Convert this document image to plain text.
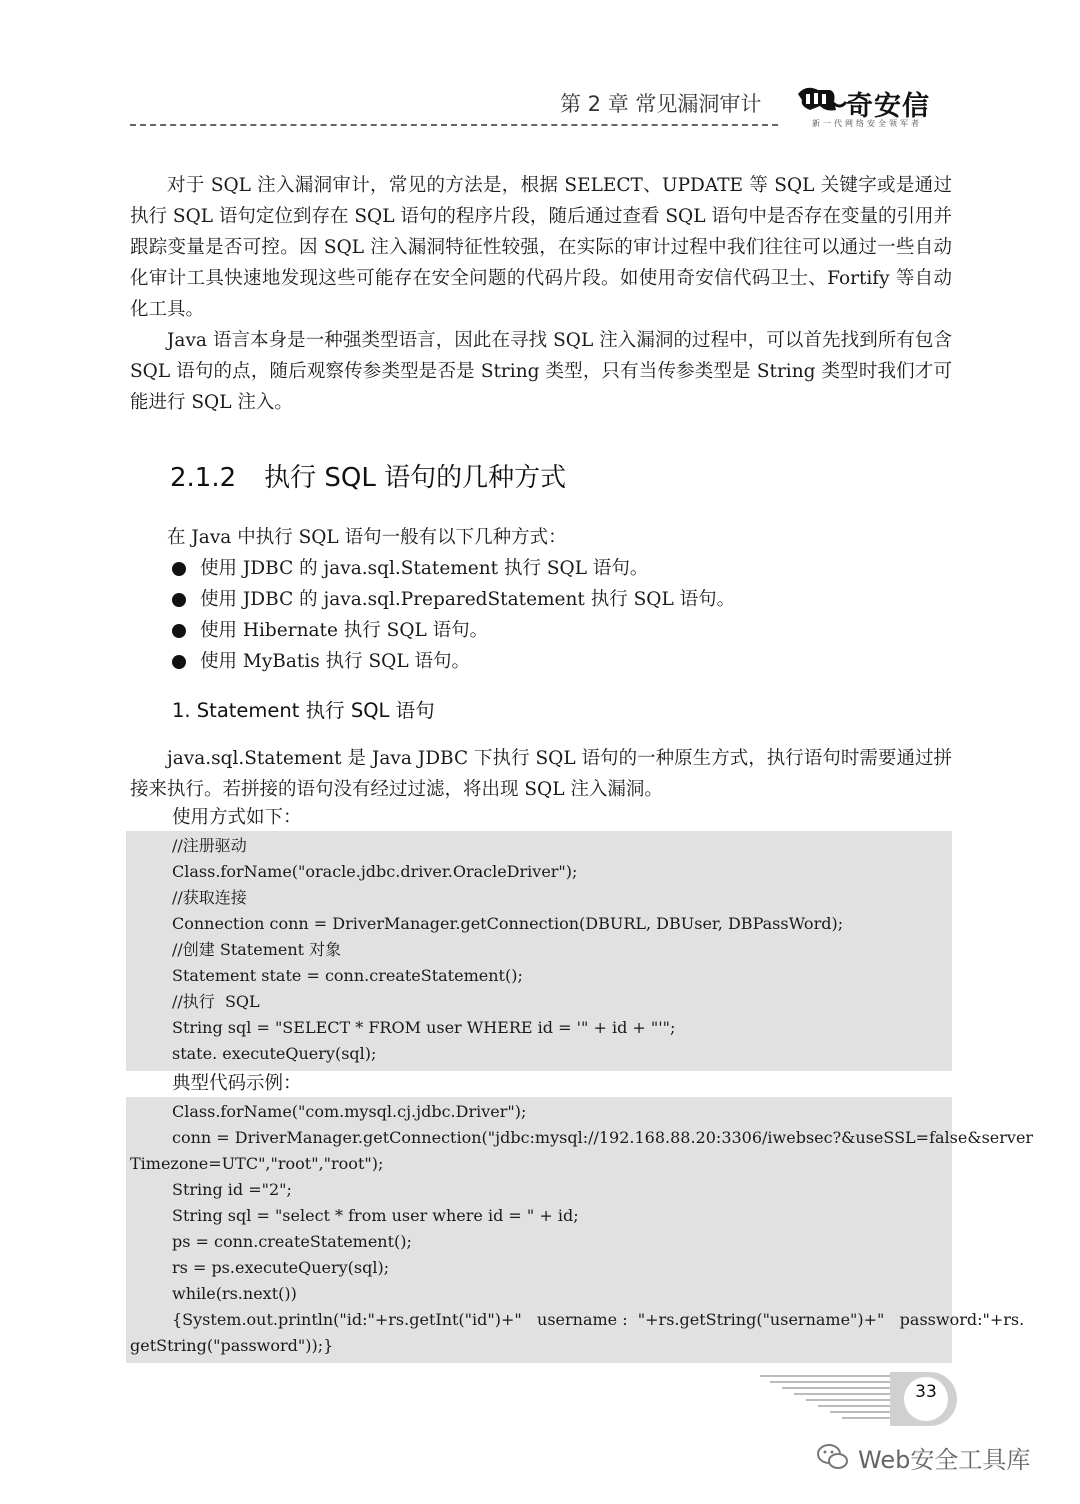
第 2 章 常见漏洞审计	奇安信
新一代网络安全领军者

对于 SQL 注入漏洞审计，常见的方法是，根据 SELECT、UPDATE 等 SQL 关键字或是通过执行 SQL 语句定位到存在 SQL 语句的程序片段，随后通过查看 SQL 语句中是否存在变量的引用并跟踪变量是否可控。因 SQL 注入漏洞特征性较强，在实际的审计过程中我们往往可以通过一些自动化审计工具快速地发现这些可能存在安全问题的代码片段。如使用奇安信代码卫士、Fortify 等自动化工具。

Java 语言本身是一种强类型语言，因此在寻找 SQL 注入漏洞的过程中，可以首先找到所有包含 SQL 语句的点，随后观察传参类型是否是 String 类型，只有当传参类型是 String 类型时我们才可能进行 SQL 注入。

2.1.2 执行 SQL 语句的几种方式

在 Java 中执行 SQL 语句一般有以下几种方式：

使用 JDBC 的 java.sql.Statement 执行 SQL 语句。
使用 JDBC 的 java.sql.PreparedStatement 执行 SQL 语句。
使用 Hibernate 执行 SQL 语句。
使用 MyBatis 执行 SQL 语句。
1. Statement 执行 SQL 语句

java.sql.Statement 是 Java JDBC 下执行 SQL 语句的一种原生方式，执行语句时需要通过拼接来执行。若拼接的语句没有经过过滤，将出现 SQL 注入漏洞。

使用方式如下：

//注册驱动
Class.forName("oracle.jdbc.driver.OracleDriver");
//获取连接
Connection conn = DriverManager.getConnection(DBURL, DBUser, DBPassWord);
//创建 Statement 对象
Statement state = conn.createStatement();
//执行  SQL
String sql = "SELECT * FROM user WHERE id = '" + id + "'";
state. executeQuery(sql);

典型代码示例：

Class.forName("com.mysql.cj.jdbc.Driver");
conn = DriverManager.getConnection("jdbc:mysql://192.168.88.20:3306/iwebsec?&useSSL=false&server
Timezone=UTC","root","root");
String id ="2";
String sql = "select * from user where id = " + id;
ps = conn.createStatement();
rs = ps.executeQuery(sql);
while(rs.next())
{System.out.println("id:"+rs.getInt("id")+"   username :  "+rs.getString("username")+"   password:"+rs.
getString("password"));}
33
Web安全工具库
